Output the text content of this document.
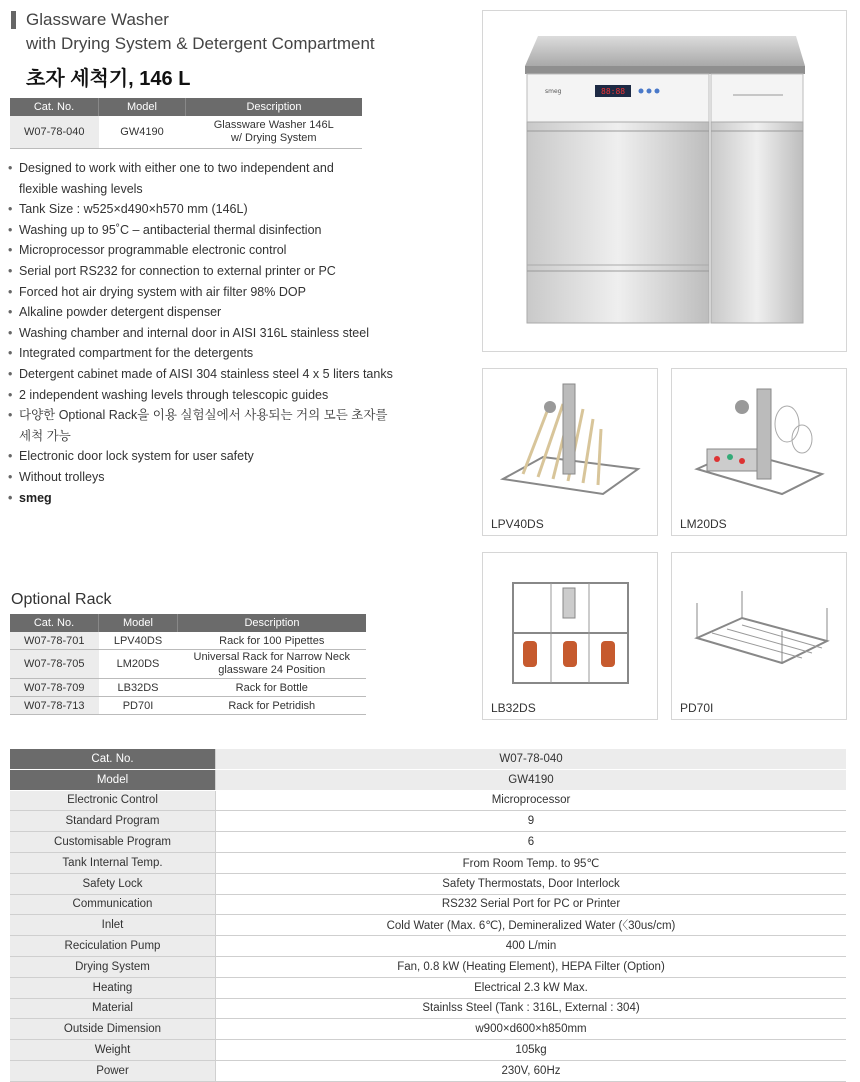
Glassware Washer
with Drying System & Detergent Compartment
초자 세척기, 146 L
Cat. No.	Model	Description
W07-78-040	GW4190	Glassware Washer 146L
w/ Drying System
• Designed to work with either one to two independent and
flexible washing levels
• Tank Size : w525×d490×h570 mm (146L)
• Washing up to 95˚C – antibacterial thermal disinfection
• Microprocessor programmable electronic control
• Serial port RS232 for connection to external printer or PC
• Forced hot air drying system with air filter 98% DOP
• Alkaline powder detergent dispenser
• Washing chamber and internal door in AISI 316L stainless steel
• Integrated compartment for the detergents
• Detergent cabinet made of AISI 304 stainless steel 4 x 5 liters tanks
• 2 independent washing levels through telescopic guides
• 다양한 Optional Rack을 이용 실험실에서 사용되는 거의 모든 초자를
세척 가능
• Electronic door lock system for user safety
• Without trolleys
• smeg
Optional Rack
Cat. No.	Model	Description
W07-78-701	LPV40DS	Rack for 100 Pipettes
W07-78-705	LM20DS	Universal Rack for Narrow Neck
glassware 24 Position
W07-78-709	LB32DS	Rack for Bottle
W07-78-713	PD70I	Rack for Petridish
smeg	88:88
LPV40DS	LM20DS
LB32DS	PD70I
Cat. No.	W07-78-040
Model	GW4190
Electronic Control	Microprocessor
Standard Program	9
Customisable Program	6
Tank Internal Temp.	From Room Temp. to 95℃
Safety Lock	Safety Thermostats, Door Interlock
Communication	RS232 Serial Port for PC or Printer
Inlet	Cold Water (Max. 6℃), Demineralized Water (〈30us/cm)
Reciculation Pump	400 L/min
Drying System	Fan, 0.8 kW (Heating Element), HEPA Filter (Option)
Heating	Electrical 2.3 kW Max.
Material	Stainlss Steel (Tank : 316L, External : 304)
Outside Dimension	w900×d600×h850mm
Weight	105kg
Power	230V, 60Hz
